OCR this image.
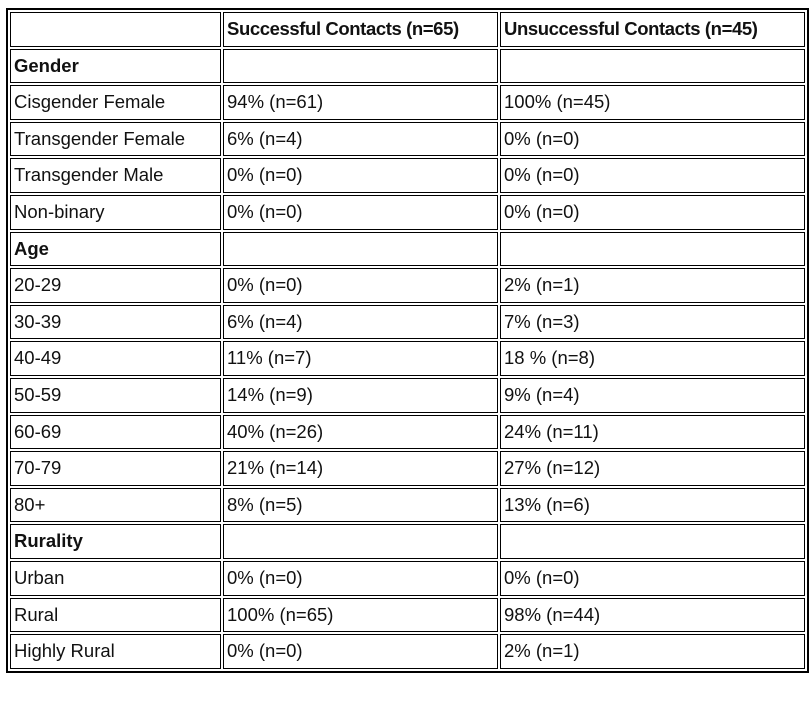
	Successful Contacts (n=65)	Unsuccessful Contacts (n=45)
Gender		
Cisgender Female	94% (n=61)	100% (n=45)
Transgender Female	6% (n=4)	0% (n=0)
Transgender Male	0% (n=0)	0% (n=0)
Non-binary	0% (n=0)	0% (n=0)
Age		
20-29	0% (n=0)	2% (n=1)
30-39	6% (n=4)	7% (n=3)
40-49	11% (n=7)	18 % (n=8)
50-59	14% (n=9)	9% (n=4)
60-69	40% (n=26)	24% (n=11)
70-79	21% (n=14)	27% (n=12)
80+	8% (n=5)	13% (n=6)
Rurality		
Urban	0% (n=0)	0% (n=0)
Rural	100% (n=65)	98% (n=44)
Highly Rural	0% (n=0)	2% (n=1)
